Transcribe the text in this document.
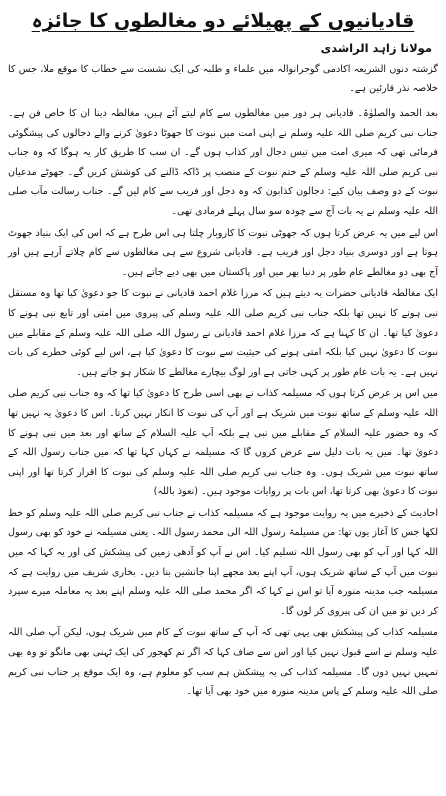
قادیانیوں کے پھیلائے دو مغالطوں کا جائزہ
مولانا زاہد الراشدی

گزشتہ دنوں الشریعہ اکادمی گوجرانوالہ میں علماء و طلبہ کی ایک نشست سے خطاب کا موقع ملا، جس کا خلاصہ نذر قارئین ہے۔

بعد الحمد والصلوٰۃ۔ قادیانی ہر دور میں مغالطوں سے کام لیتے آئے ہیں، مغالطہ دینا ان کا خاص فن ہے۔ جناب نبی کریم صلی اللہ علیہ وسلم نے اپنی امت میں نبوت کا جھوٹا دعویٰ کرنے والے دجالوں کی پیشگوئی فرمائی تھی کہ میری امت میں تیس دجال اور کذاب ہوں گے۔ ان سب کا طریق کار یہ ہوگا کہ وہ جناب نبی کریم صلی اللہ علیہ وسلم کے ختم نبوت کے منصب پر ڈاکہ ڈالنے کی کوشش کریں گے۔ جھوٹے مدعیان نبوت کے دو وصف بیان کیے: دجالون کذابون کہ وہ دجل اور فریب سے کام لیں گے۔ جناب رسالت مآب صلی اللہ علیہ وسلم نے یہ بات آج سے چودہ سو سال پہلے فرمادی تھی۔

اس لیے میں یہ عرض کرتا ہوں کہ جھوٹی نبوت کا کاروبار چلتا ہی اس طرح ہے کہ اس کی ایک بنیاد جھوٹ ہوتا ہے اور دوسری بنیاد دجل اور فریب ہے۔ قادیانی شروع سے ہی مغالطوں سے کام چلاتے آرہے ہیں اور آج بھی دو مغالطے عام طور پر دنیا بھر میں اور پاکستان میں بھی دیے جاتے ہیں۔

ایک مغالطہ قادیانی حضرات یہ دیتے ہیں کہ مرزا غلام احمد قادیانی نے نبوت کا جو دعویٰ کیا تھا وہ مستقل نبی ہونے کا نہیں تھا بلکہ جناب نبی کریم صلی اللہ علیہ وسلم کی پیروی میں امتی اور تابع نبی ہونے کا دعویٰ کیا تھا۔ ان کا کہنا ہے کہ مرزا غلام احمد قادیانی نے رسول اللہ صلی اللہ علیہ وسلم کے مقابلے میں نبوت کا دعویٰ نہیں کیا بلکہ امتی ہونے کی حیثیت سے نبوت کا دعویٰ کیا ہے، اس لیے کوئی خطرے کی بات نہیں ہے۔ یہ بات عام طور پر کہی جاتی ہے اور لوگ بیچارے مغالطے کا شکار ہو جاتے ہیں۔

میں اس پر عرض کرتا ہوں کہ مسیلمہ کذاب نے بھی اسی طرح کا دعویٰ کیا تھا کہ وہ جناب نبی کریم صلی اللہ علیہ وسلم کے ساتھ نبوت میں شریک ہے اور آپ کی نبوت کا انکار نہیں کرتا۔ اس کا دعویٰ یہ نہیں تھا کہ وہ حضور علیہ السلام کے مقابلے میں نبی ہے بلکہ آپ علیہ السلام کے ساتھ اور بعد میں نبی ہونے کا دعویٰ تھا۔ میں یہ بات دلیل سے عرض کروں گا کہ مسیلمہ نے کہاں کہا تھا کہ میں جناب رسول اللہ کے ساتھ نبوت میں شریک ہوں۔ وہ جناب نبی کریم صلی اللہ علیہ وسلم کی نبوت کا اقرار کرتا تھا اور اپنی نبوت کا دعویٰ بھی کرتا تھا، اس بات پر روایات موجود ہیں۔ (نعوذ باللہ)

احادیث کے ذخیرے میں یہ روایت موجود ہے کہ مسیلمہ کذاب نے جناب نبی کریم صلی اللہ علیہ وسلم کو خط لکھا جس کا آغاز یوں تھا: من مسیلمۃ رسول اللہ الی محمد رسول اللہ۔ یعنی مسیلمہ نے خود کو بھی رسول اللہ کہا اور آپ کو بھی رسول اللہ تسلیم کیا۔ اس نے آپ کو آدھی زمین کی پیشکش کی اور یہ کہا کہ میں نبوت میں آپ کے ساتھ شریک ہوں، آپ اپنے بعد مجھے اپنا جانشین بنا دیں۔ بخاری شریف میں روایت ہے کہ مسیلمہ جب مدینہ منورہ آیا تو اس نے کہا کہ اگر محمد صلی اللہ علیہ وسلم اپنے بعد یہ معاملہ میرے سپرد کر دیں تو میں ان کی پیروی کر لوں گا۔

مسیلمہ کذاب کی پیشکش بھی یہی تھی کہ آپ کے ساتھ نبوت کے کام میں شریک ہوں، لیکن آپ صلی اللہ علیہ وسلم نے اسے قبول نہیں کیا اور اس سے صاف کہا کہ اگر تم کھجور کی ایک ٹہنی بھی مانگو تو وہ بھی تمہیں نہیں دوں گا۔ مسیلمہ کذاب کی یہ پیشکش ہم سب کو معلوم ہے، وہ ایک موقع پر جناب نبی کریم صلی اللہ علیہ وسلم کے پاس مدینہ منورہ میں خود بھی آیا تھا۔
